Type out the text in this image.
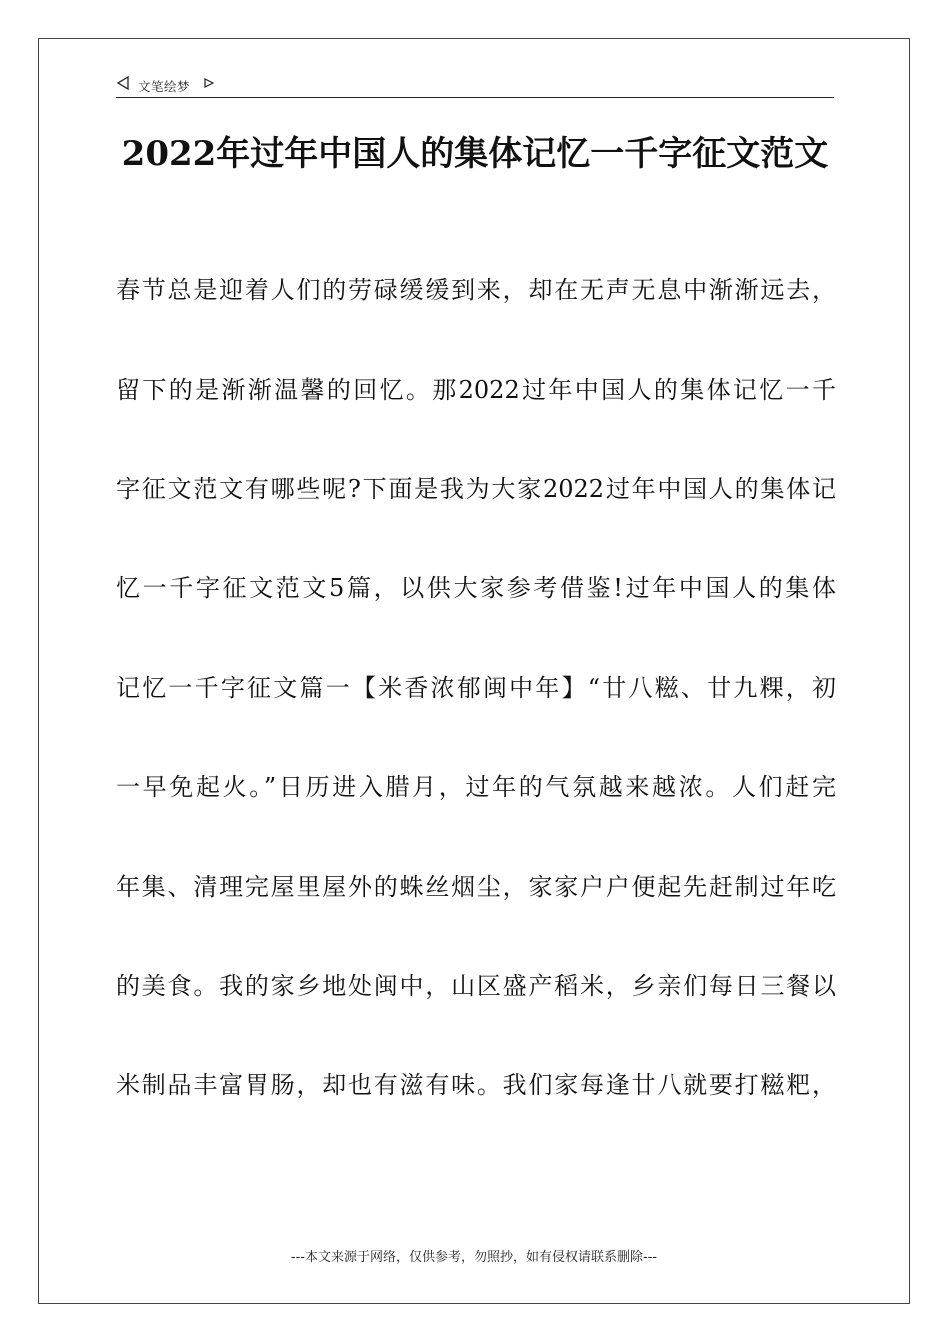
文笔绘梦
2022年过年中国人的集体记忆一千字征文范文
春节总是迎着人们的劳碌缓缓到来，却在无声无息中渐渐远去，
留下的是渐渐温馨的回忆。那2022过年中国人的集体记忆一千
字征文范文有哪些呢?下面是我为大家2022过年中国人的集体记
忆一千字征文范文5篇，以供大家参考借鉴!过年中国人的集体
记忆一千字征文篇一【米香浓郁闽中年】“廿八糍、廿九粿，初
一早免起火。”日历进入腊月，过年的气氛越来越浓。人们赶完
年集、清理完屋里屋外的蛛丝烟尘，家家户户便起先赶制过年吃
的美食。我的家乡地处闽中，山区盛产稻米，乡亲们每日三餐以
米制品丰富胃肠，却也有滋有味。我们家每逢廿八就要打糍粑，
---本文来源于网络，仅供参考，勿照抄，如有侵权请联系删除---
